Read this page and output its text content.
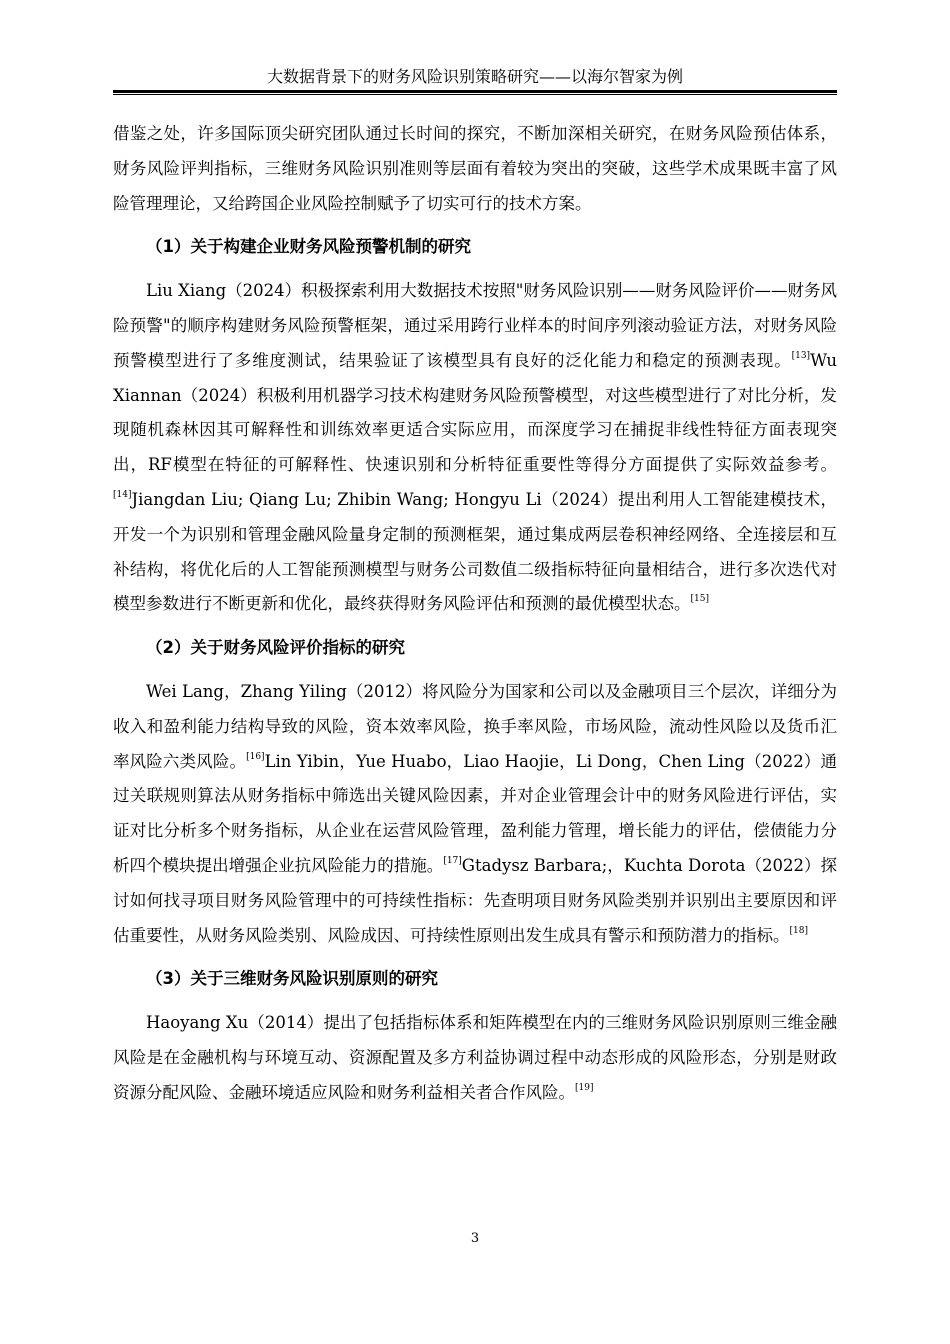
大数据背景下的财务风险识别策略研究——以海尔智家为例

借鉴之处，许多国际顶尖研究团队通过长时间的探究，不断加深相关研究，在财务风险预估体系，财务风险评判指标，三维财务风险识别准则等层面有着较为突出的突破，这些学术成果既丰富了风险管理理论，又给跨国企业风险控制赋予了切实可行的技术方案。

（1）关于构建企业财务风险预警机制的研究

Liu Xiang（2024）积极探索利用大数据技术按照"财务风险识别——财务风险评价——财务风险预警"的顺序构建财务风险预警框架，通过采用跨行业样本的时间序列滚动验证方法，对财务风险预警模型进行了多维度测试，结果验证了该模型具有良好的泛化能力和稳定的预测表现。[13]Wu Xiannan（2024）积极利用机器学习技术构建财务风险预警模型，对这些模型进行了对比分析，发现随机森林因其可解释性和训练效率更适合实际应用，而深度学习在捕捉非线性特征方面表现突出，RF模型在特征的可解释性、快速识别和分析特征重要性等得分方面提供了实际效益参考。[14]Jiangdan Liu; Qiang Lu; Zhibin Wang; Hongyu Li（2024）提出利用人工智能建模技术，开发一个为识别和管理金融风险量身定制的预测框架，通过集成两层卷积神经网络、全连接层和互补结构，将优化后的人工智能预测模型与财务公司数值二级指标特征向量相结合，进行多次迭代对模型参数进行不断更新和优化，最终获得财务风险评估和预测的最优模型状态。[15]

（2）关于财务风险评价指标的研究

Wei Lang，Zhang Yiling（2012）将风险分为国家和公司以及金融项目三个层次，详细分为收入和盈利能力结构导致的风险，资本效率风险，换手率风险，市场风险，流动性风险以及货币汇率风险六类风险。[16]Lin Yibin，Yue Huabo，Liao Haojie，Li Dong，Chen Ling（2022）通过关联规则算法从财务指标中筛选出关键风险因素，并对企业管理会计中的财务风险进行评估，实证对比分析多个财务指标，从企业在运营风险管理，盈利能力管理，增长能力的评估，偿债能力分析四个模块提出增强企业抗风险能力的措施。[17]Gtadysz Barbara;，Kuchta Dorota（2022）探讨如何找寻项目财务风险管理中的可持续性指标：先查明项目财务风险类别并识别出主要原因和评估重要性，从财务风险类别、风险成因、可持续性原则出发生成具有警示和预防潜力的指标。[18]

（3）关于三维财务风险识别原则的研究

Haoyang Xu（2014）提出了包括指标体系和矩阵模型在内的三维财务风险识别原则三维金融风险是在金融机构与环境互动、资源配置及多方利益协调过程中动态形成的风险形态，分别是财政资源分配风险、金融环境适应风险和财务利益相关者合作风险。[19]

3
